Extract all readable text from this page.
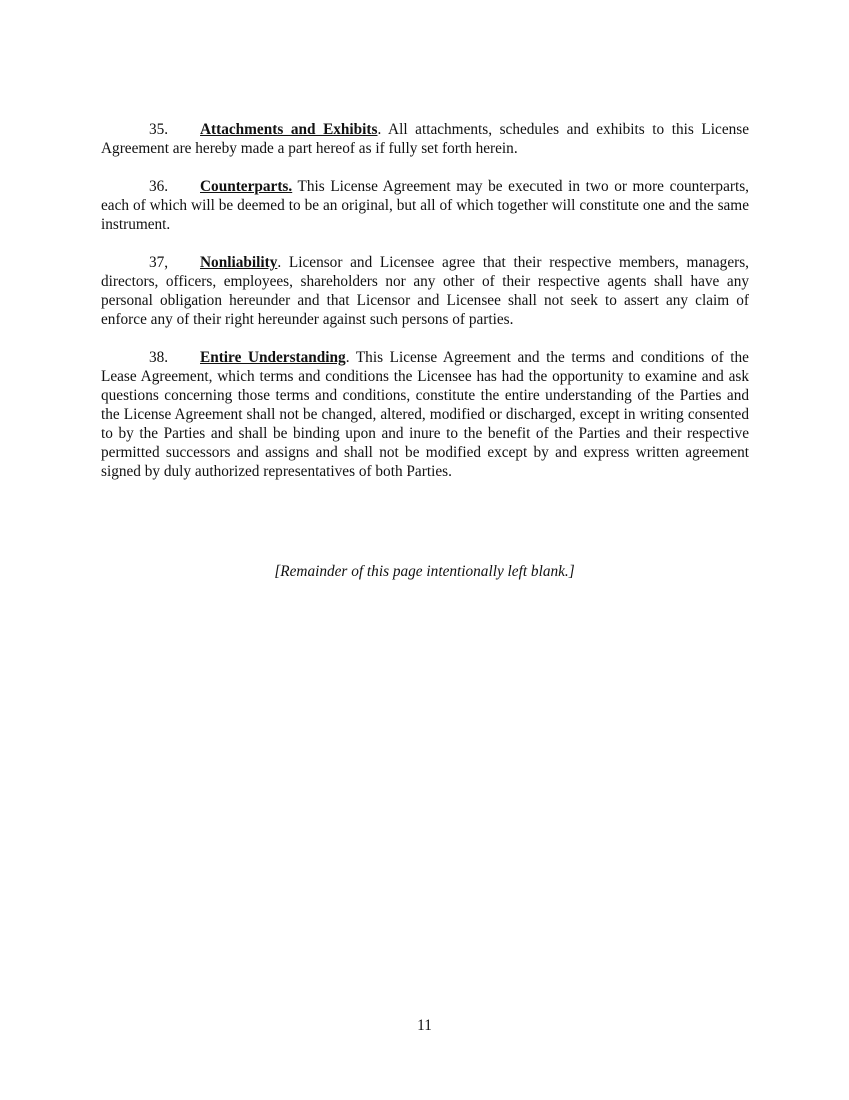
35. Attachments and Exhibits. All attachments, schedules and exhibits to this License Agreement are hereby made a part hereof as if fully set forth herein.

36. Counterparts. This License Agreement may be executed in two or more counterparts, each of which will be deemed to be an original, but all of which together will constitute one and the same instrument.

37, Nonliability. Licensor and Licensee agree that their respective members, managers, directors, officers, employees, shareholders nor any other of their respective agents shall have any personal obligation hereunder and that Licensor and Licensee shall not seek to assert any claim of enforce any of their right hereunder against such persons of parties.

38. Entire Understanding. This License Agreement and the terms and conditions of the Lease Agreement, which terms and conditions the Licensee has had the opportunity to examine and ask questions concerning those terms and conditions, constitute the entire understanding of the Parties and the License Agreement shall not be changed, altered, modified or discharged, except in writing consented to by the Parties and shall be binding upon and inure to the benefit of the Parties and their respective permitted successors and assigns and shall not be modified except by and express written agreement signed by duly authorized representatives of both Parties.

[Remainder of this page intentionally left blank.]
11
